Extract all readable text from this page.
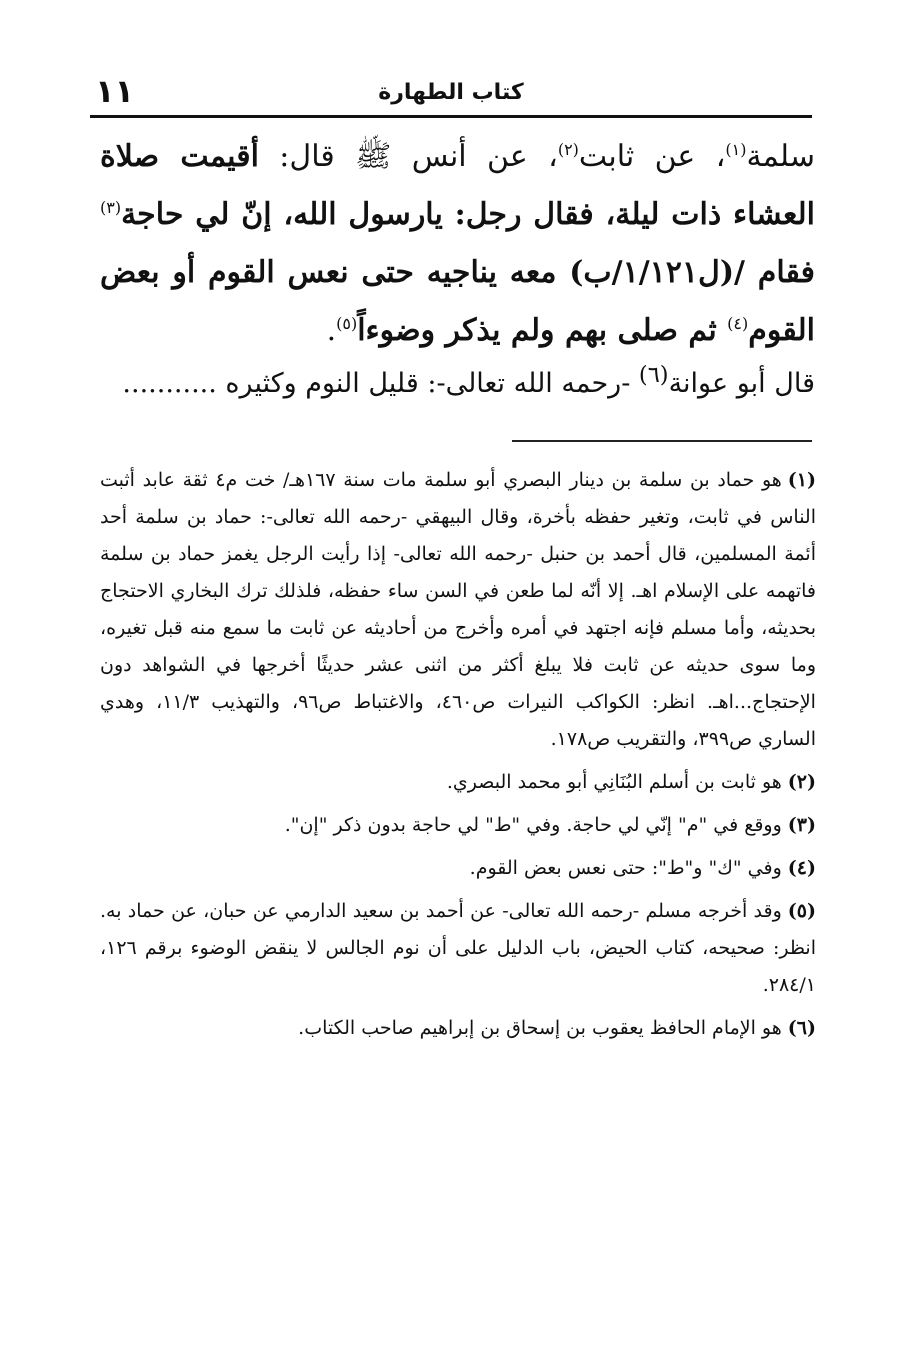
١١	كتاب الطهارة
سلمة$^{(١)}$، عن ثابت$^{(٢)}$، عن أنس ﷺ قال: أقيمت صلاة العشاء ذات ليلة، فقال رجل: يارسول الله، إنّ لي حاجة$^{(٣)}$ فقام /(ل١/١٢١/ب) معه يناجيه حتى نعس القوم أو بعض القوم$^{(٤)}$ ثم صلى بهم ولم يذكر وضوءاً$^{(٥)}$.
قال أبو عوانة$^{(٦)}$ -رحمه الله تعالى-: قليل النوم وكثيره ...........
(١)هو حماد بن سلمة بن دينار البصري أبو سلمة مات سنة ١٦٧هـ/ خت م٤ ثقة عابد أثبت الناس في ثابت، وتغير حفظه بأخرة، وقال البيهقي -رحمه الله تعالى-: حماد بن سلمة أحد أئمة المسلمين، قال أحمد بن حنبل -رحمه الله تعالى- إذا رأيت الرجل يغمز حماد بن سلمة فاتهمه على الإسلام اهـ. إلا أنّه لما طعن في السن ساء حفظه، فلذلك ترك البخاري الاحتجاج بحديثه، وأما مسلم فإنه اجتهد في أمره وأخرج من أحاديثه عن ثابت ما سمع منه قبل تغيره، وما سوى حديثه عن ثابت فلا يبلغ أكثر من اثنى عشر حديثًا أخرجها في الشواهد دون الإحتجاج...اهـ. انظر: الكواكب النيرات ص٤٦٠، والاغتباط ص٩٦، والتهذيب ١١/٣، وهدي الساري ص٣٩٩، والتقريب ص١٧٨.
(٢)هو ثابت بن أسلم البُنَانِي أبو محمد البصري.
(٣)ووقع في "م" إنّي لي حاجة. وفي "ط" لي حاجة بدون ذكر "إن".
(٤)وفي "ك" و"ط": حتى نعس بعض القوم.
(٥)وقد أخرجه مسلم -رحمه الله تعالى- عن أحمد بن سعيد الدارمي عن حبان، عن حماد به. انظر: صحيحه، كتاب الحيض، باب الدليل على أن نوم الجالس لا ينقض الوضوء برقم ١٢٦، ٢٨٤/١.
(٦)هو الإمام الحافظ يعقوب بن إسحاق بن إبراهيم صاحب الكتاب.
